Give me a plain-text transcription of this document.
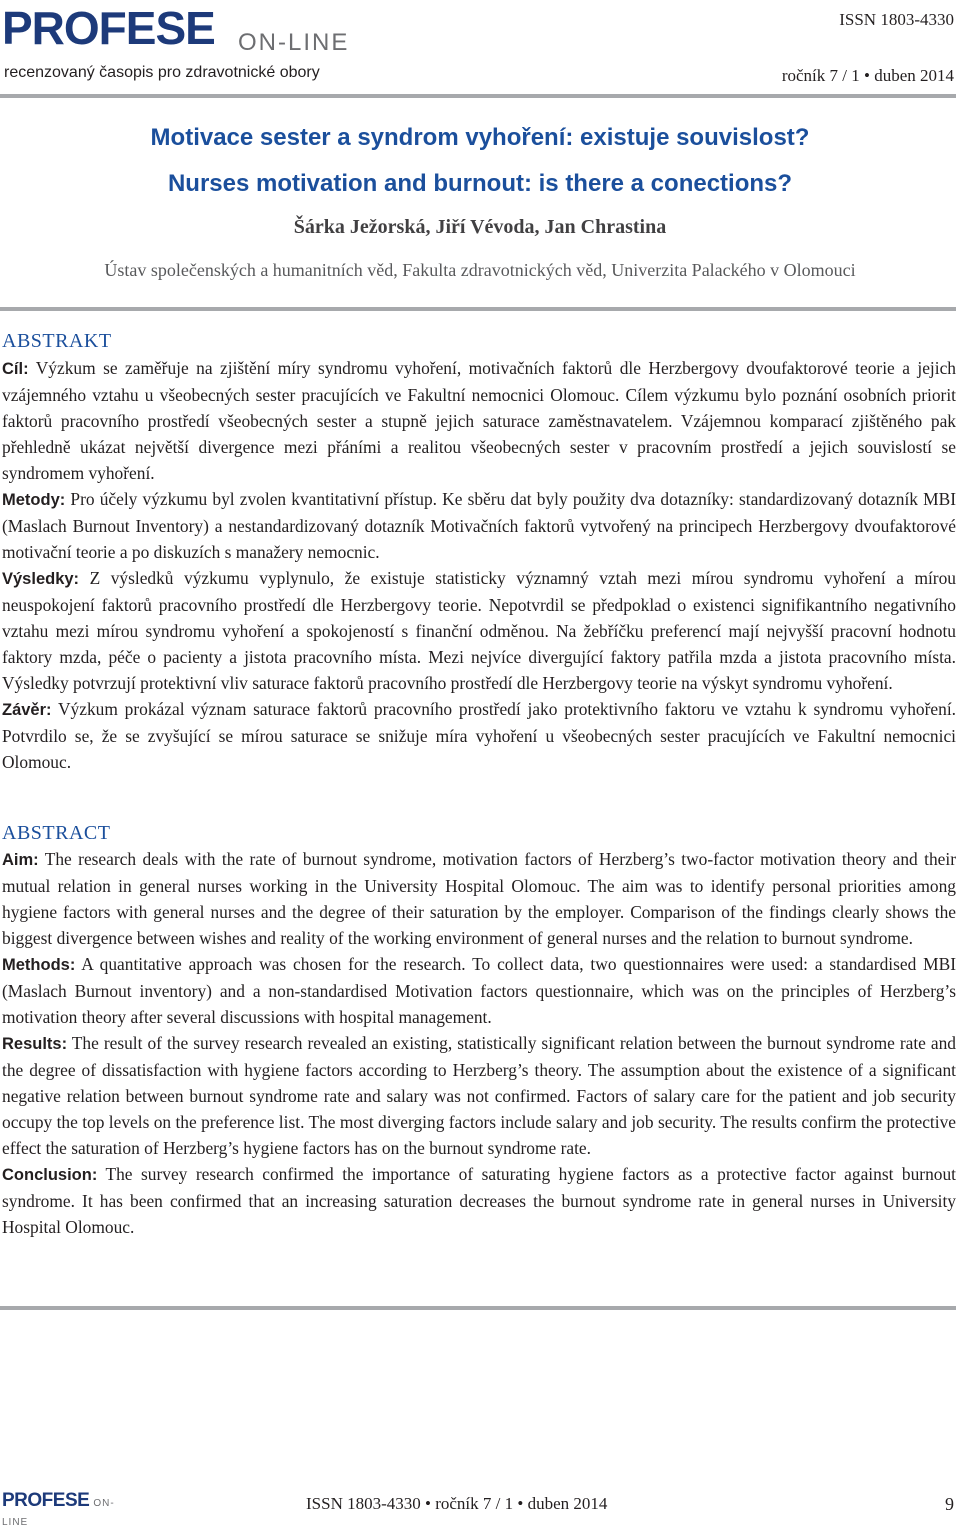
PROFESE ON-LINE
recenzovaný časopis pro zdravotnické obory
ISSN 1803-4330
ročník 7 / 1 • duben 2014
Motivace sester a syndrom vyhoření: existuje souvislost?
Nurses motivation and burnout: is there a conections?
Šárka Ježorská, Jiří Vévoda, Jan Chrastina
Ústav společenských a humanitních věd, Fakulta zdravotnických věd, Univerzita Palackého v Olomouci
ABSTRAKT

Cíl: Výzkum se zaměřuje na zjištění míry syndromu vyhoření, motivačních faktorů dle Herzbergovy dvoufaktorové teorie a jejich vzájemného vztahu u všeobecných sester pracujících ve Fakultní nemocnici Olomouc. Cílem výzkumu bylo poznání osobních priorit faktorů pracovního prostředí všeobecných sester a stupně jejich saturace zaměstnavatelem. Vzájemnou komparací zjištěného pak přehledně ukázat největší divergence mezi přáními a realitou všeobecných sester v pracovním prostředí a jejich souvislostí se syndromem vyhoření.

Metody: Pro účely výzkumu byl zvolen kvantitativní přístup. Ke sběru dat byly použity dva dotazníky: standardizovaný dotazník MBI (Maslach Burnout Inventory) a nestandardizovaný dotazník Motivačních faktorů vytvořený na principech Herzbergovy dvoufaktorové motivační teorie a po diskuzích s manažery nemocnic.

Výsledky: Z výsledků výzkumu vyplynulo, že existuje statisticky významný vztah mezi mírou syndromu vyhoření a mírou neuspokojení faktorů pracovního prostředí dle Herzbergovy teorie. Nepotvrdil se předpoklad o existenci signifikantního negativního vztahu mezi mírou syndromu vyhoření a spokojeností s finanční odměnou. Na žebříčku preferencí mají nejvyšší pracovní hodnotu faktory mzda, péče o pacienty a jistota pracovního místa. Mezi nejvíce divergující faktory patřila mzda a jistota pracovního místa. Výsledky potvrzují protektivní vliv saturace faktorů pracovního prostředí dle Herzbergovy teorie na výskyt syndromu vyhoření.

Závěr: Výzkum prokázal význam saturace faktorů pracovního prostředí jako protektivního faktoru ve vztahu k syndromu vyhoření. Potvrdilo se, že se zvyšující se mírou saturace se snižuje míra vyhoření u všeobecných sester pracujících ve Fakultní nemocnici Olomouc.

ABSTRACT

Aim: The research deals with the rate of burnout syndrome, motivation factors of Herzberg’s two-factor motivation theory and their mutual relation in general nurses working in the University Hospital Olomouc. The aim was to identify personal priorities among hygiene factors with general nurses and the degree of their saturation by the employer. Comparison of the findings clearly shows the biggest divergence between wishes and reality of the working environment of general nurses and the relation to burnout syndrome.

Methods: A quantitative approach was chosen for the research. To collect data, two questionnaires were used: a standardised MBI (Maslach Burnout inventory) and a non-standardised Motivation factors questionnaire, which was on the principles of Herzberg’s motivation theory after several discussions with hospital management.

Results: The result of the survey research revealed an existing, statistically significant relation between the burnout syndrome rate and the degree of dissatisfaction with hygiene factors according to Herzberg’s theory. The assumption about the existence of a significant negative relation between burnout syndrome rate and salary was not confirmed. Factors of salary care for the patient and job security occupy the top levels on the preference list. The most diverging factors include salary and job security. The results confirm the protective effect the saturation of Herzberg’s hygiene factors has on the burnout syndrome rate.

Conclusion: The survey research confirmed the importance of saturating hygiene factors as a protective factor against burnout syndrome. It has been confirmed that an increasing saturation decreases the burnout syndrome rate in general nurses in University Hospital Olomouc.

PROFESE ON-LINE
ISSN 1803-4330 • ročník 7 / 1 • duben 2014	9
